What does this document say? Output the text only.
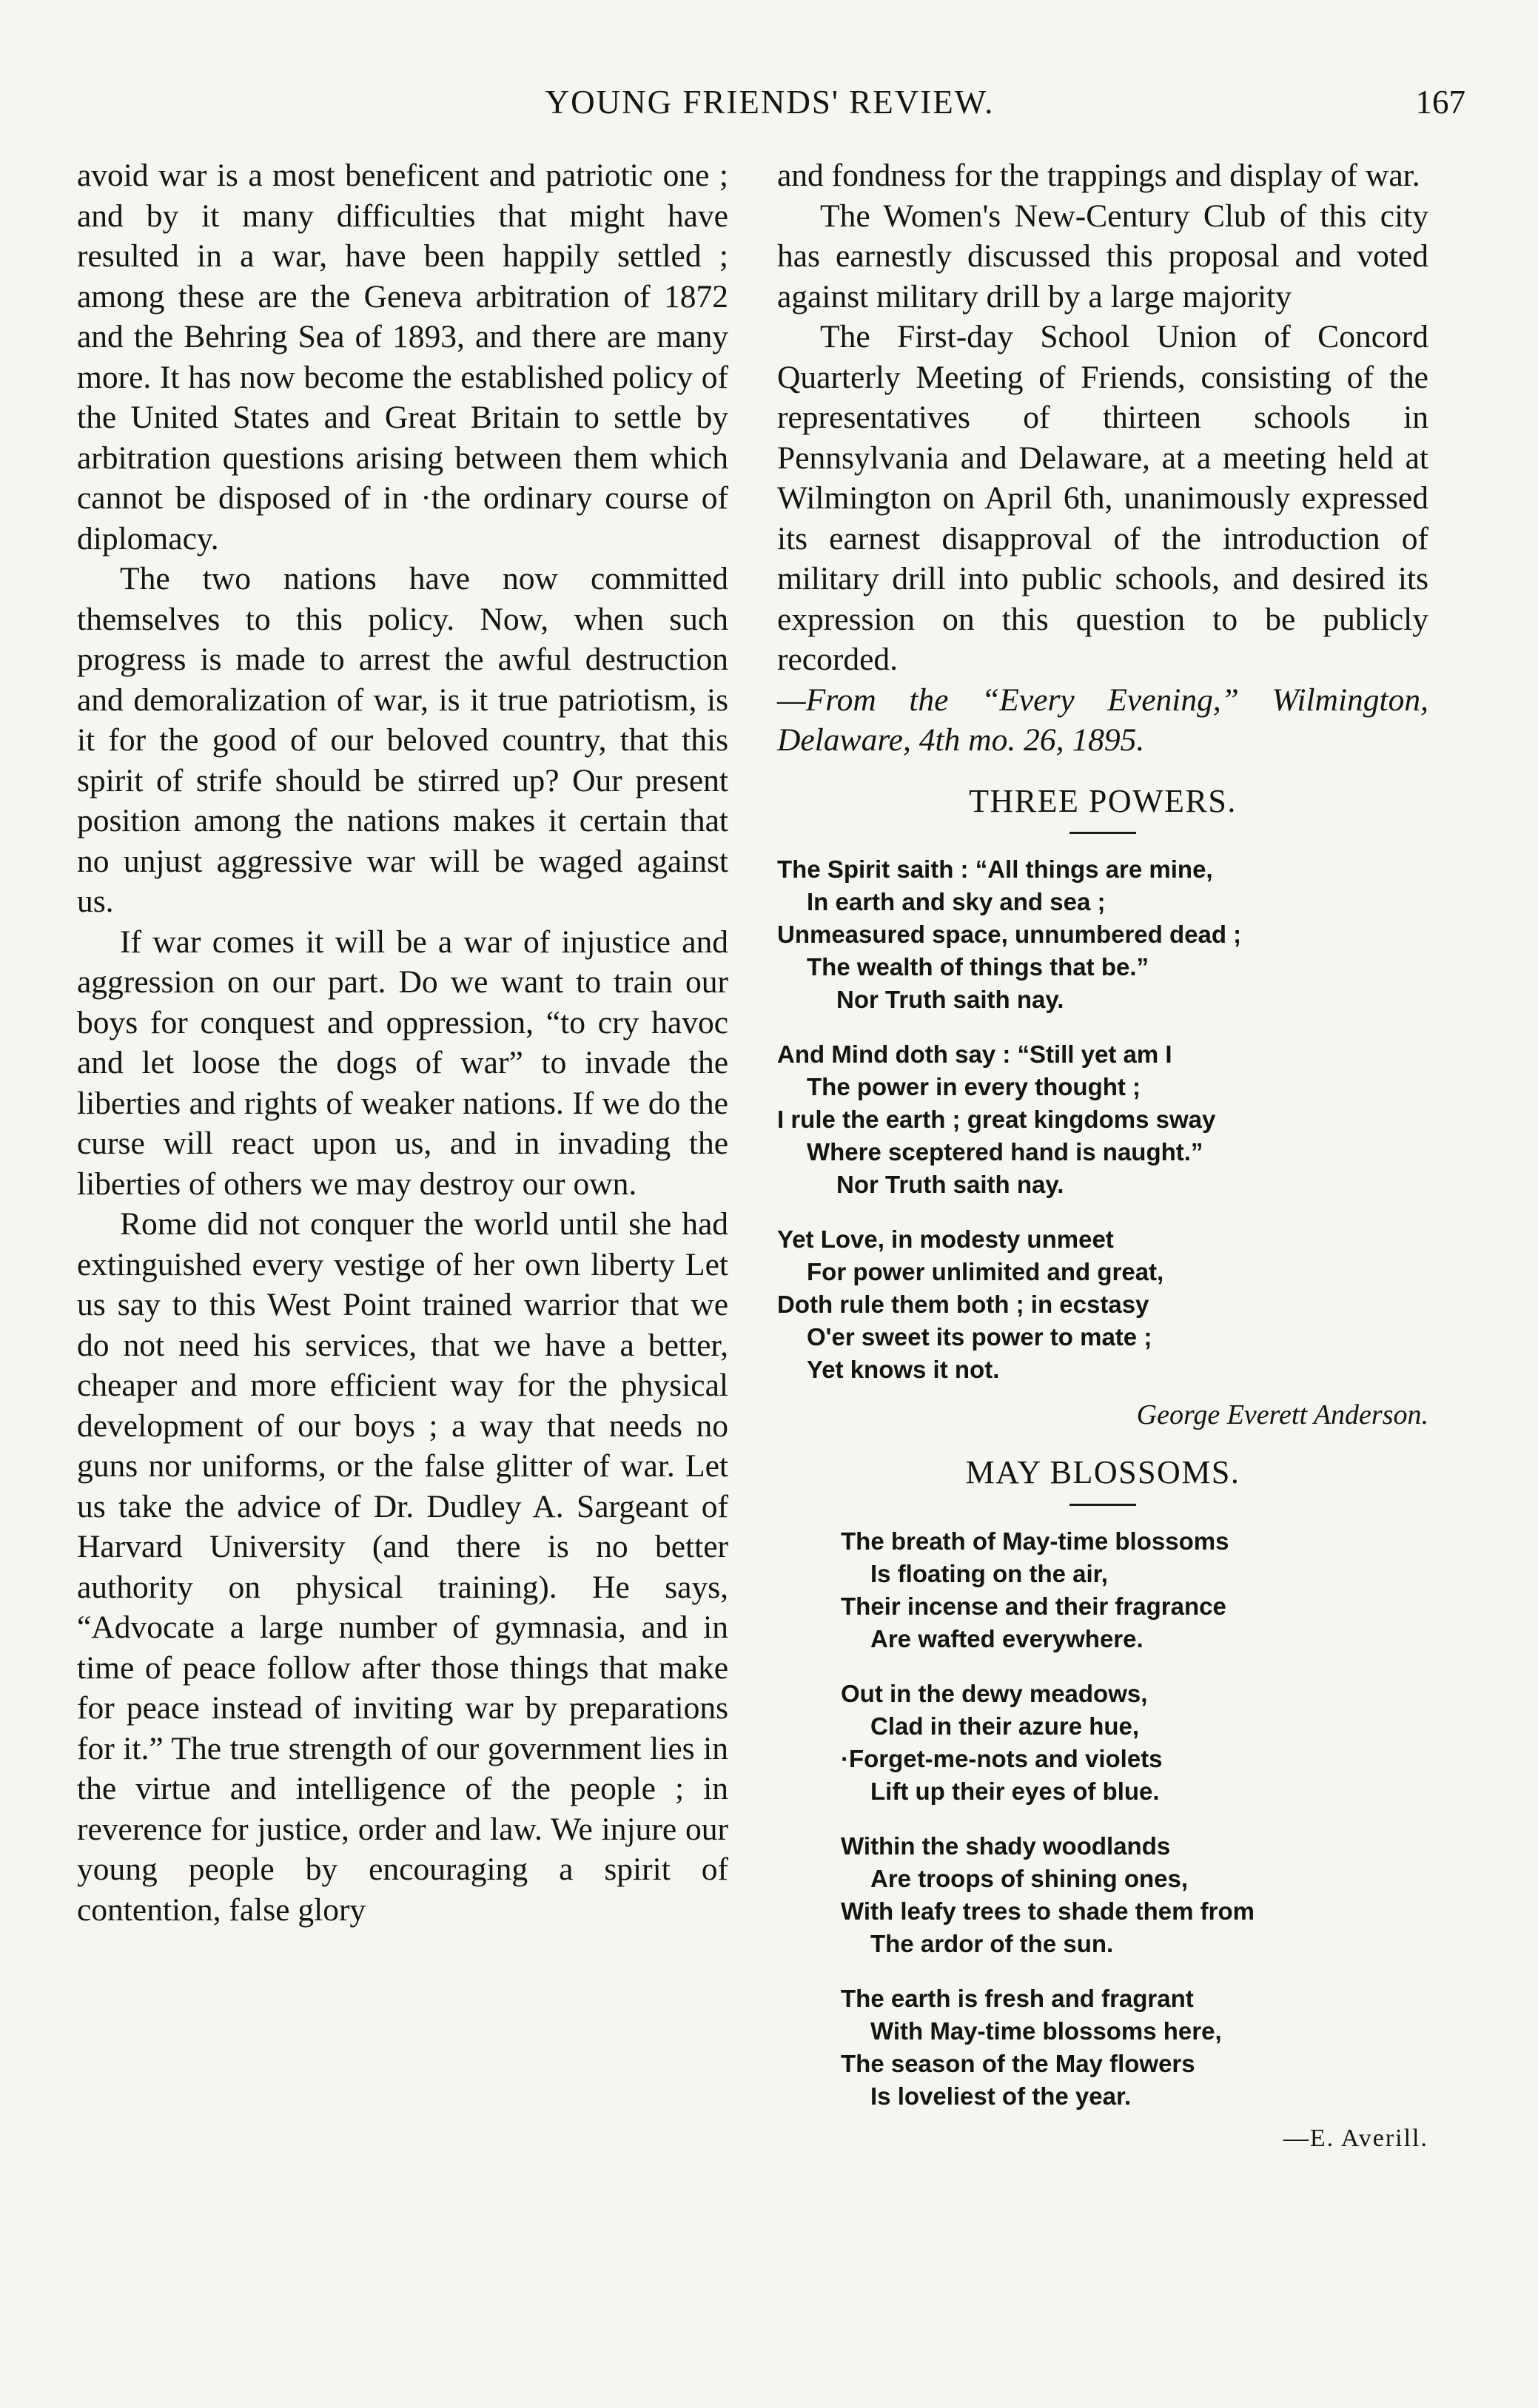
YOUNG FRIENDS' REVIEW.	167

avoid war is a most beneficent and patriotic one ; and by it many difficulties that might have resulted in a war, have been happily settled ; among these are the Geneva arbitration of 1872 and the Behring Sea of 1893, and there are many more. It has now become the established policy of the United States and Great Britain to settle by arbitration questions arising between them which cannot be disposed of in ·the ordinary course of diplomacy.

The two nations have now committed themselves to this policy. Now, when such progress is made to arrest the awful destruction and demoralization of war, is it true patriotism, is it for the good of our beloved country, that this spirit of strife should be stirred up? Our present position among the nations makes it certain that no unjust aggressive war will be waged against us.

If war comes it will be a war of injustice and aggression on our part. Do we want to train our boys for conquest and oppression, “to cry havoc and let loose the dogs of war” to invade the liberties and rights of weaker nations. If we do the curse will react upon us, and in invading the liberties of others we may destroy our own.

Rome did not conquer the world until she had extinguished every vestige of her own liberty Let us say to this West Point trained warrior that we do not need his services, that we have a better, cheaper and more efficient way for the physical development of our boys ; a way that needs no guns nor uniforms, or the false glitter of war. Let us take the advice of Dr. Dudley A. Sargeant of Harvard University (and there is no better authority on physical training). He says, “Advocate a large number of gymnasia, and in time of peace follow after those things that make for peace instead of inviting war by preparations for it.” The true strength of our government lies in the virtue and intelligence of the people ; in reverence for justice, order and law. We injure our young people by encouraging a spirit of contention, false glory

and fondness for the trappings and display of war.

The Women's New-Century Club of this city has earnestly discussed this proposal and voted against military drill by a large majority

The First-day School Union of Concord Quarterly Meeting of Friends, consisting of the representatives of thirteen schools in Pennsylvania and Delaware, at a meeting held at Wilmington on April 6th, unanimously expressed its earnest disapproval of the introduction of military drill into public schools, and desired its expression on this question to be publicly recorded.

—From the “Every Evening,” Wilmington, Delaware, 4th mo. 26, 1895.

THREE POWERS.
The Spirit saith : “All things are mine,
In earth and sky and sea ;
Unmeasured space, unnumbered dead ;
The wealth of things that be.”
Nor Truth saith nay.
And Mind doth say : “Still yet am I
The power in every thought ;
I rule the earth ; great kingdoms sway
Where sceptered hand is naught.”
Nor Truth saith nay.
Yet Love, in modesty unmeet
For power unlimited and great,
Doth rule them both ; in ecstasy
O'er sweet its power to mate ;
Yet knows it not.
George Everett Anderson.
MAY BLOSSOMS.
The breath of May-time blossoms
Is floating on the air,
Their incense and their fragrance
Are wafted everywhere.
Out in the dewy meadows,
Clad in their azure hue,
·Forget-me-nots and violets
Lift up their eyes of blue.
Within the shady woodlands
Are troops of shining ones,
With leafy trees to shade them from
The ardor of the sun.
The earth is fresh and fragrant
With May-time blossoms here,
The season of the May flowers
Is loveliest of the year.
—E. Averill.
